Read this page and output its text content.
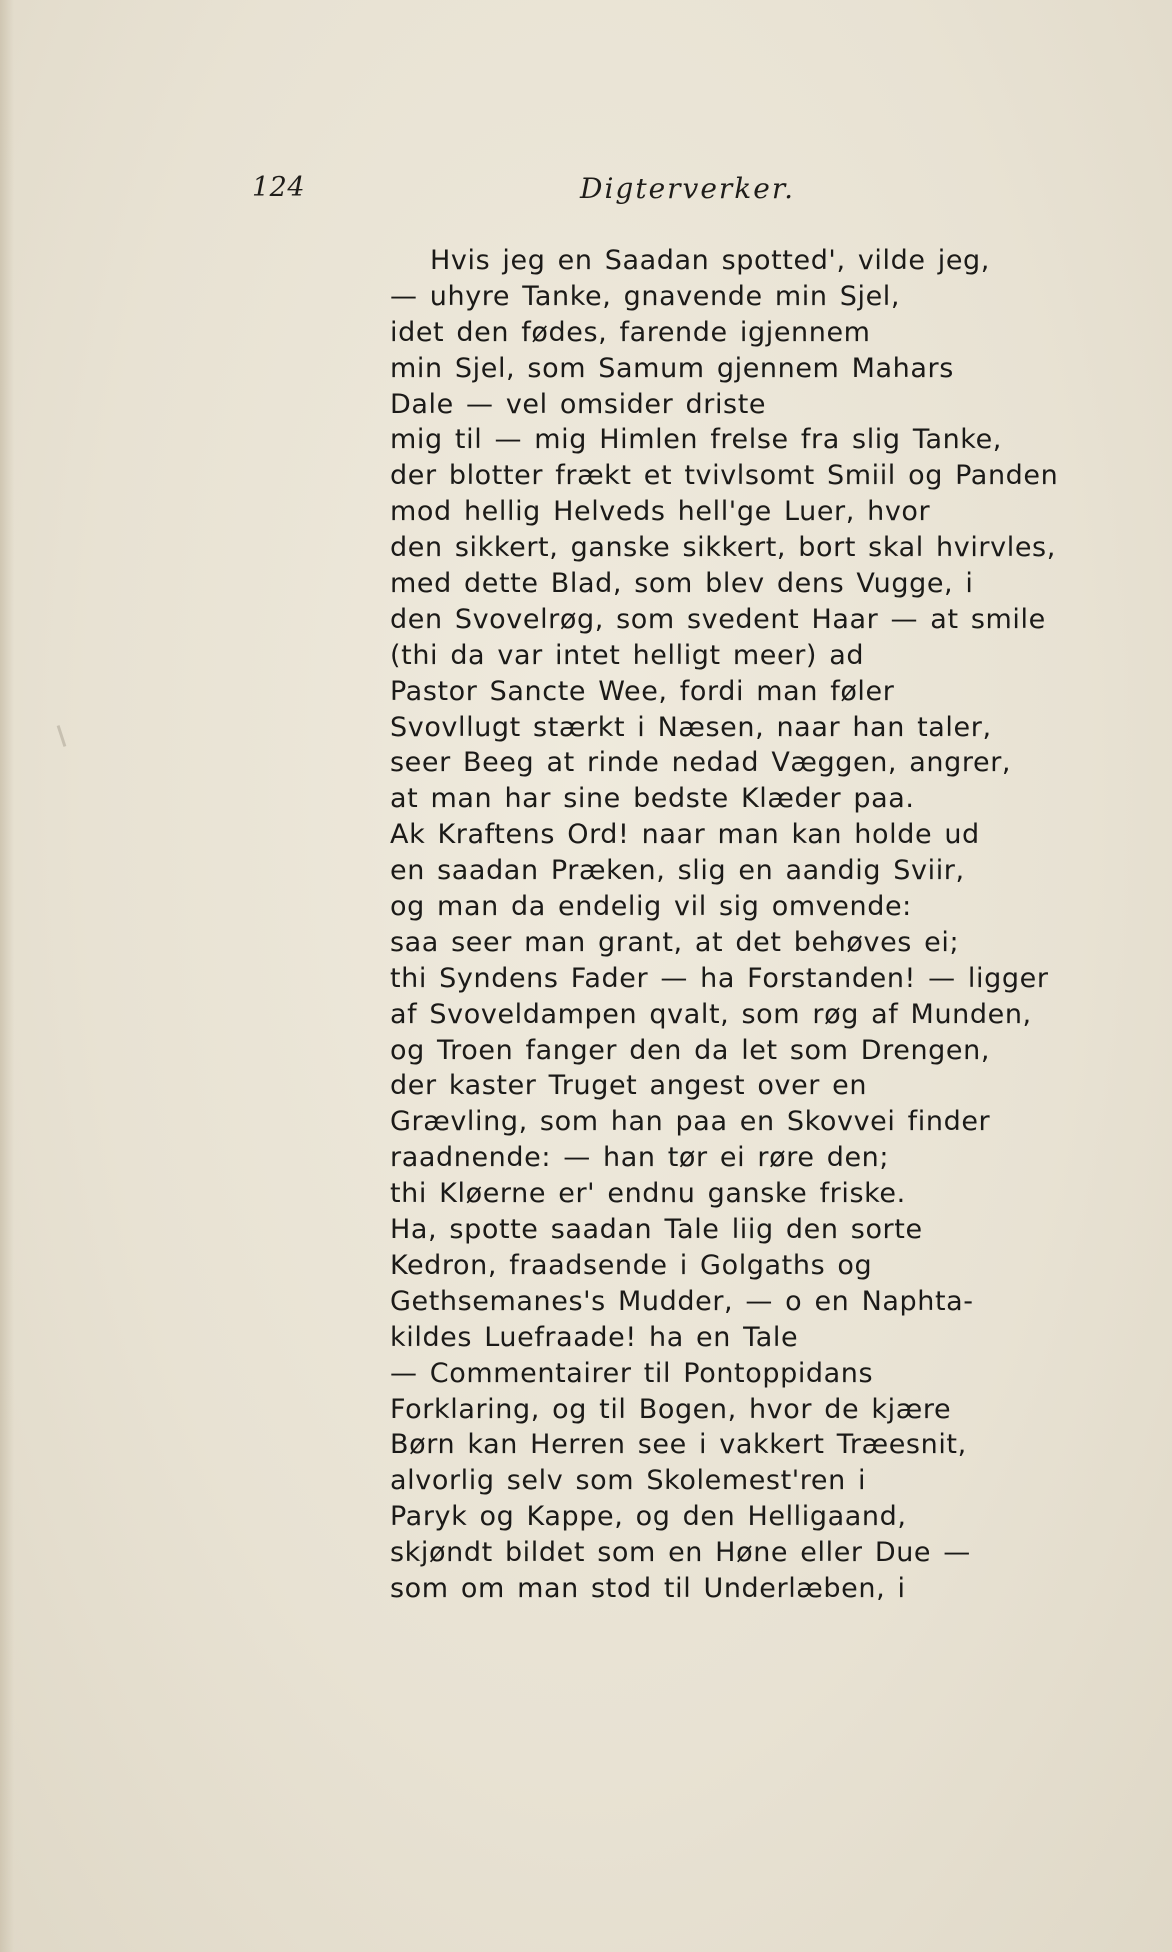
124	Digterverker.
Hvis jeg en Saadan spotted', vilde jeg,
— uhyre Tanke, gnavende min Sjel,
idet den fødes, farende igjennem
min Sjel, som Samum gjennem Mahars
Dale — vel omsider driste
mig til — mig Himlen frelse fra slig Tanke,
der blotter frækt et tvivlsomt Smiil og Panden
mod hellig Helveds hell'ge Luer, hvor
den sikkert, ganske sikkert, bort skal hvirvles,
med dette Blad, som blev dens Vugge, i
den Svovelrøg, som svedent Haar — at smile
(thi da var intet helligt meer) ad
Pastor Sancte Wee, fordi man føler
Svovllugt stærkt i Næsen, naar han taler,
seer Beeg at rinde nedad Væggen, angrer,
at man har sine bedste Klæder paa.
Ak Kraftens Ord! naar man kan holde ud
en saadan Præken, slig en aandig Sviir,
og man da endelig vil sig omvende:
saa seer man grant, at det behøves ei;
thi Syndens Fader — ha Forstanden! — ligger
af Svoveldampen qvalt, som røg af Munden,
og Troen fanger den da let som Drengen,
der kaster Truget angest over en
Grævling, som han paa en Skovvei finder
raadnende: — han tør ei røre den;
thi Kløerne er' endnu ganske friske.
Ha, spotte saadan Tale liig den sorte
Kedron, fraadsende i Golgaths og
Gethsemanes's Mudder, — o en Naphta-
kildes Luefraade! ha en Tale
— Commentairer til Pontoppidans
Forklaring, og til Bogen, hvor de kjære
Børn kan Herren see i vakkert Træesnit,
alvorlig selv som Skolemest'ren i
Paryk og Kappe, og den Helligaand,
skjøndt bildet som en Høne eller Due —
som om man stod til Underlæben, i
